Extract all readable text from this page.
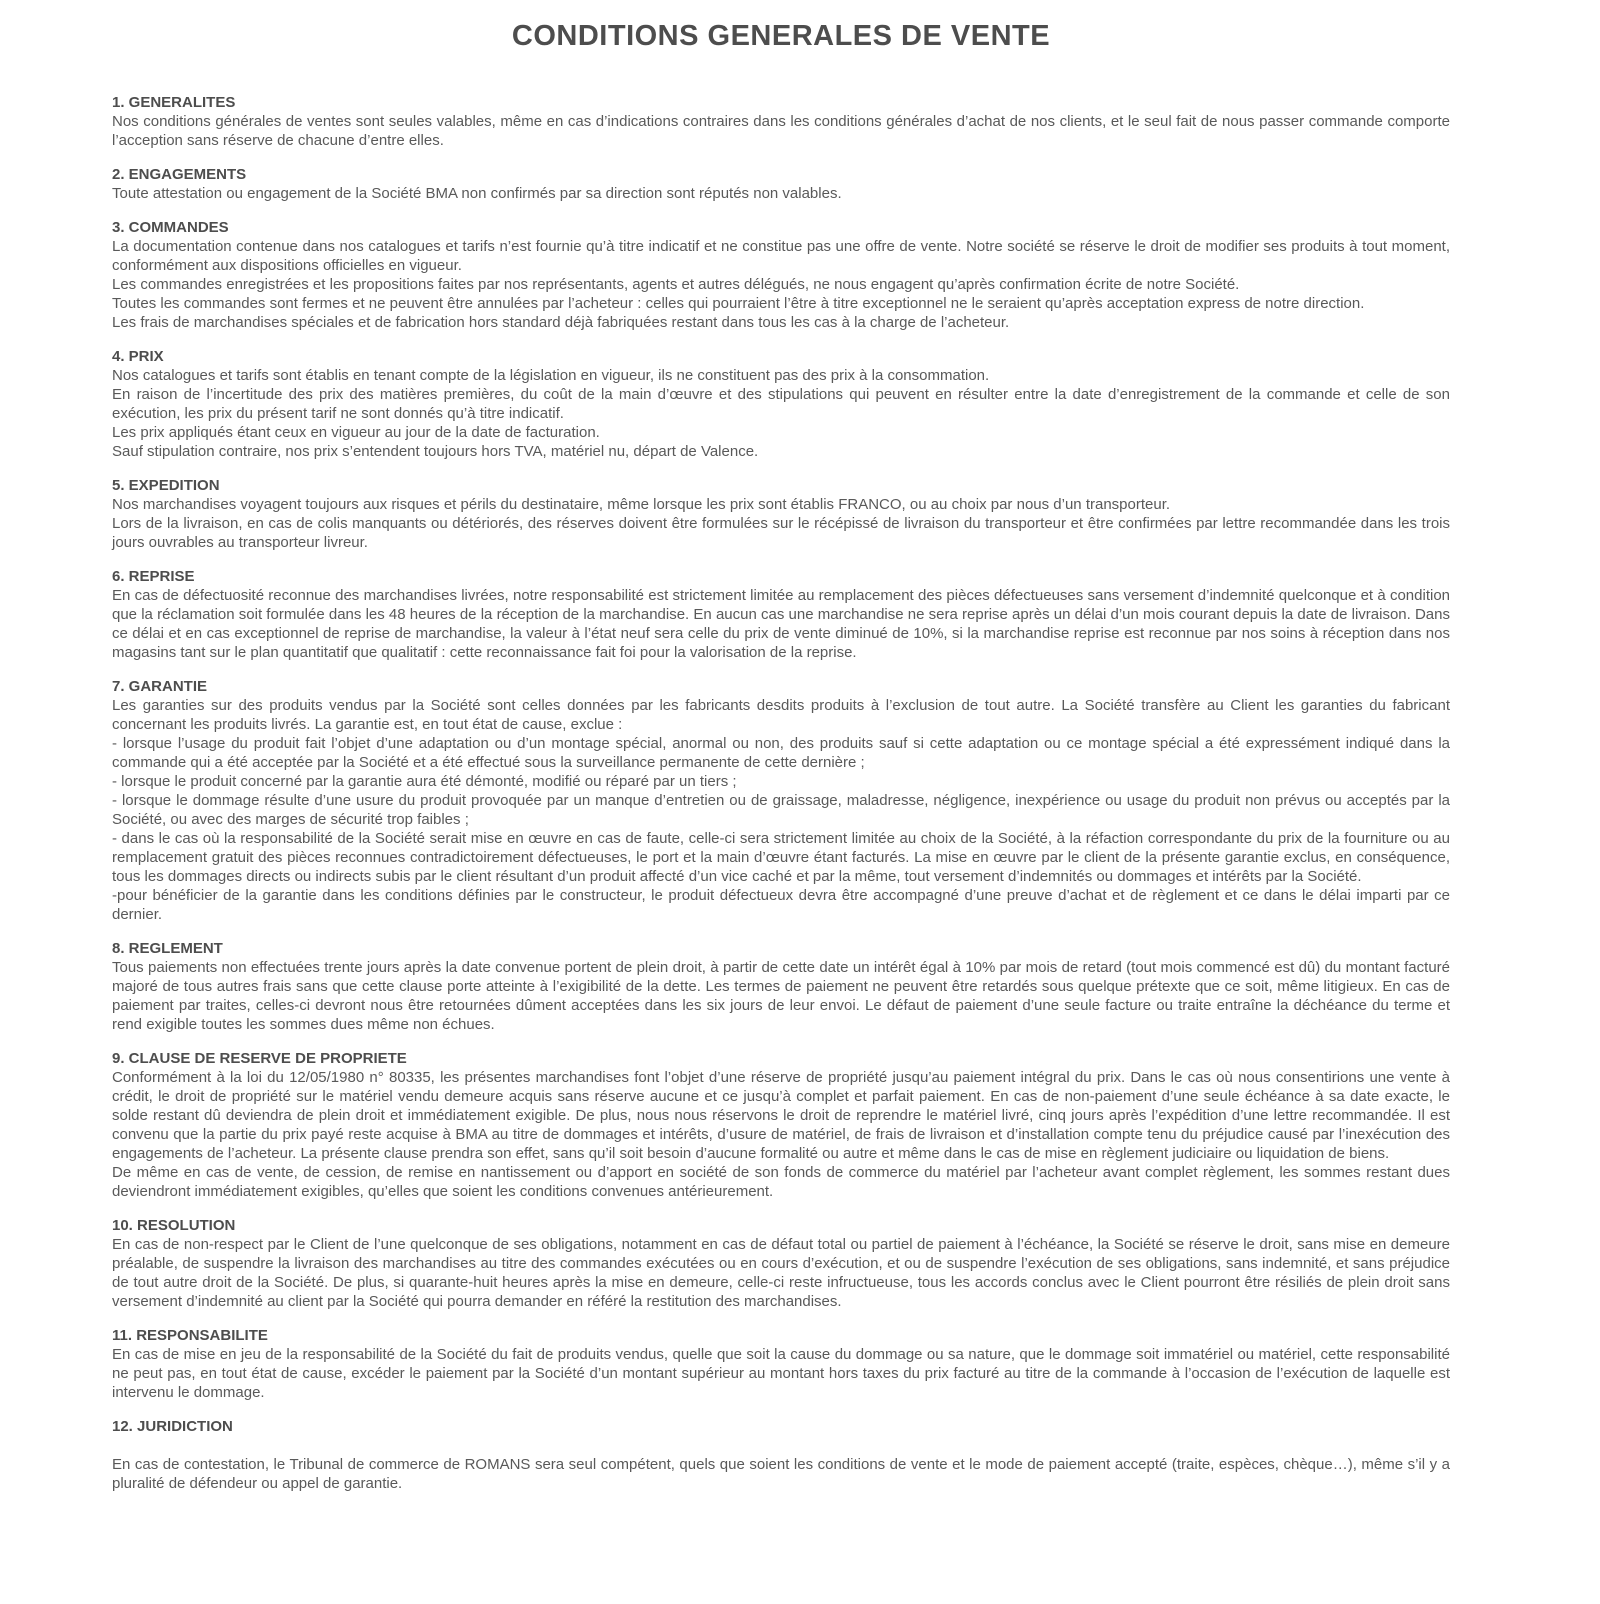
CONDITIONS GENERALES DE VENTE
1. GENERALITES

Nos conditions générales de ventes sont seules valables, même en cas d’indications contraires dans les conditions générales d’achat de nos clients, et le seul fait de nous passer commande comporte l’acception sans réserve de chacune d’entre elles.

2. ENGAGEMENTS

Toute attestation ou engagement de la Société BMA non confirmés par sa direction sont réputés non valables.

3. COMMANDES

La documentation contenue dans nos catalogues et tarifs n’est fournie qu’à titre indicatif et ne constitue pas une offre de vente. Notre société se réserve le droit de modifier ses produits à tout moment, conformément aux dispositions officielles en vigueur.

Les commandes enregistrées et les propositions faites par nos représentants, agents et autres délégués, ne nous engagent qu’après confirmation écrite de notre Société.

Toutes les commandes sont fermes et ne peuvent être annulées par l’acheteur : celles qui pourraient l’être à titre exceptionnel ne le seraient qu’après acceptation express de notre direction.

Les frais de marchandises spéciales et de fabrication hors standard déjà fabriquées restant dans tous les cas à la charge de l’acheteur.

4. PRIX

Nos catalogues et tarifs sont établis en tenant compte de la législation en vigueur, ils ne constituent pas des prix à la consommation.

En raison de l’incertitude des prix des matières premières, du coût de la main d’œuvre et des stipulations qui peuvent en résulter entre la date d’enregistrement de la commande et celle de son exécution, les prix du présent tarif ne sont donnés qu’à titre indicatif.

Les prix appliqués étant ceux en vigueur au jour de la date de facturation.

Sauf stipulation contraire, nos prix s’entendent toujours hors TVA, matériel nu, départ de Valence.

5. EXPEDITION

Nos marchandises voyagent toujours aux risques et périls du destinataire, même lorsque les prix sont établis FRANCO, ou au choix par nous d’un transporteur.

Lors de la livraison, en cas de colis manquants ou détériorés, des réserves doivent être formulées sur le récépissé de livraison du transporteur et être confirmées par lettre recommandée dans les trois jours ouvrables au transporteur livreur.

6. REPRISE

En cas de défectuosité reconnue des marchandises livrées, notre responsabilité est strictement limitée au remplacement des pièces défectueuses sans versement d’indemnité quelconque et à condition que la réclamation soit formulée dans les 48 heures de la réception de la marchandise. En aucun cas une marchandise ne sera reprise après un délai d’un mois courant depuis la date de livraison. Dans ce délai et en cas exceptionnel de reprise de marchandise, la valeur à l’état neuf sera celle du prix de vente diminué de 10%, si la marchandise reprise est reconnue par nos soins à réception dans nos magasins tant sur le plan quantitatif que qualitatif : cette reconnaissance fait foi pour la valorisation de la reprise.

7. GARANTIE

Les garanties sur des produits vendus par la Société sont celles données par les fabricants desdits produits à l’exclusion de tout autre. La Société transfère au Client les garanties du fabricant concernant les produits livrés. La garantie est, en tout état de cause, exclue :

- lorsque l’usage du produit fait l’objet d’une adaptation ou d’un montage spécial, anormal ou non, des produits sauf si cette adaptation ou ce montage spécial a été expressément indiqué dans la commande qui a été acceptée par la Société et a été effectué sous la surveillance permanente de cette dernière ;

- lorsque le produit concerné par la garantie aura été démonté, modifié ou réparé par un tiers ;

- lorsque le dommage résulte d’une usure du produit provoquée par un manque d’entretien ou de graissage, maladresse, négligence, inexpérience ou usage du produit non prévus ou acceptés par la Société, ou avec des marges de sécurité trop faibles ;

- dans le cas où la responsabilité de la Société serait mise en œuvre en cas de faute, celle-ci sera strictement limitée au choix de la Société, à la réfaction correspondante du prix de la fourniture ou au remplacement gratuit des pièces reconnues contradictoirement défectueuses, le port et la main d’œuvre étant facturés. La mise en œuvre par le client de la présente garantie exclus, en conséquence, tous les dommages directs ou indirects subis par le client résultant d’un produit affecté d’un vice caché et par la même, tout versement d’indemnités ou dommages et intérêts par la Société.

-pour bénéficier de la garantie dans les conditions définies par le constructeur, le produit défectueux devra être accompagné d’une preuve d’achat et de règlement et ce dans le délai imparti par ce dernier.

8. REGLEMENT

Tous paiements non effectuées trente jours après la date convenue portent de plein droit, à partir de cette date un intérêt égal à 10% par mois de retard (tout mois commencé est dû) du montant facturé majoré de tous autres frais sans que cette clause porte atteinte à l’exigibilité de la dette. Les termes de paiement ne peuvent être retardés sous quelque prétexte que ce soit, même litigieux. En cas de paiement par traites, celles-ci devront nous être retournées dûment acceptées dans les six jours de leur envoi. Le défaut de paiement d’une seule facture ou traite entraîne la déchéance du terme et rend exigible toutes les sommes dues même non échues.

9. CLAUSE DE RESERVE DE PROPRIETE

Conformément à la loi du 12/05/1980 n° 80335, les présentes marchandises font l’objet d’une réserve de propriété jusqu’au paiement intégral du prix. Dans le cas où nous consentirions une vente à crédit, le droit de propriété sur le matériel vendu demeure acquis sans réserve aucune et ce jusqu’à complet et parfait paiement. En cas de non-paiement d’une seule échéance à sa date exacte, le solde restant dû deviendra de plein droit et immédiatement exigible. De plus, nous nous réservons le droit de reprendre le matériel livré, cinq jours après l’expédition d’une lettre recommandée. Il est convenu que la partie du prix payé reste acquise à BMA au titre de dommages et intérêts, d’usure de matériel, de frais de livraison et d’installation compte tenu du préjudice causé par l’inexécution des engagements de l’acheteur. La présente clause prendra son effet, sans qu’il soit besoin d’aucune formalité ou autre et même dans le cas de mise en règlement judiciaire ou liquidation de biens.

De même en cas de vente, de cession, de remise en nantissement ou d’apport en société de son fonds de commerce du matériel par l’acheteur avant complet règlement, les sommes restant dues deviendront immédiatement exigibles, qu’elles que soient les conditions convenues antérieurement.

10. RESOLUTION

En cas de non-respect par le Client de l’une quelconque de ses obligations, notamment en cas de défaut total ou partiel de paiement à l’échéance, la Société se réserve le droit, sans mise en demeure préalable, de suspendre la livraison des marchandises au titre des commandes exécutées ou en cours d’exécution, et ou de suspendre l’exécution de ses obligations, sans indemnité, et sans préjudice de tout autre droit de la Société. De plus, si quarante-huit heures après la mise en demeure, celle-ci reste infructueuse, tous les accords conclus avec le Client pourront être résiliés de plein droit sans versement d’indemnité au client par la Société qui pourra demander en référé la restitution des marchandises.

11. RESPONSABILITE

En cas de mise en jeu de la responsabilité de la Société du fait de produits vendus, quelle que soit la cause du dommage ou sa nature, que le dommage soit immatériel ou matériel, cette responsabilité ne peut pas, en tout état de cause, excéder le paiement par la Société d’un montant supérieur au montant hors taxes du prix facturé au titre de la commande à l’occasion de l’exécution de laquelle est intervenu le dommage.

12. JURIDICTION

En cas de contestation, le Tribunal de commerce de ROMANS sera seul compétent, quels que soient les conditions de vente et le mode de paiement accepté (traite, espèces, chèque…), même s’il y a pluralité de défendeur ou appel de garantie.
